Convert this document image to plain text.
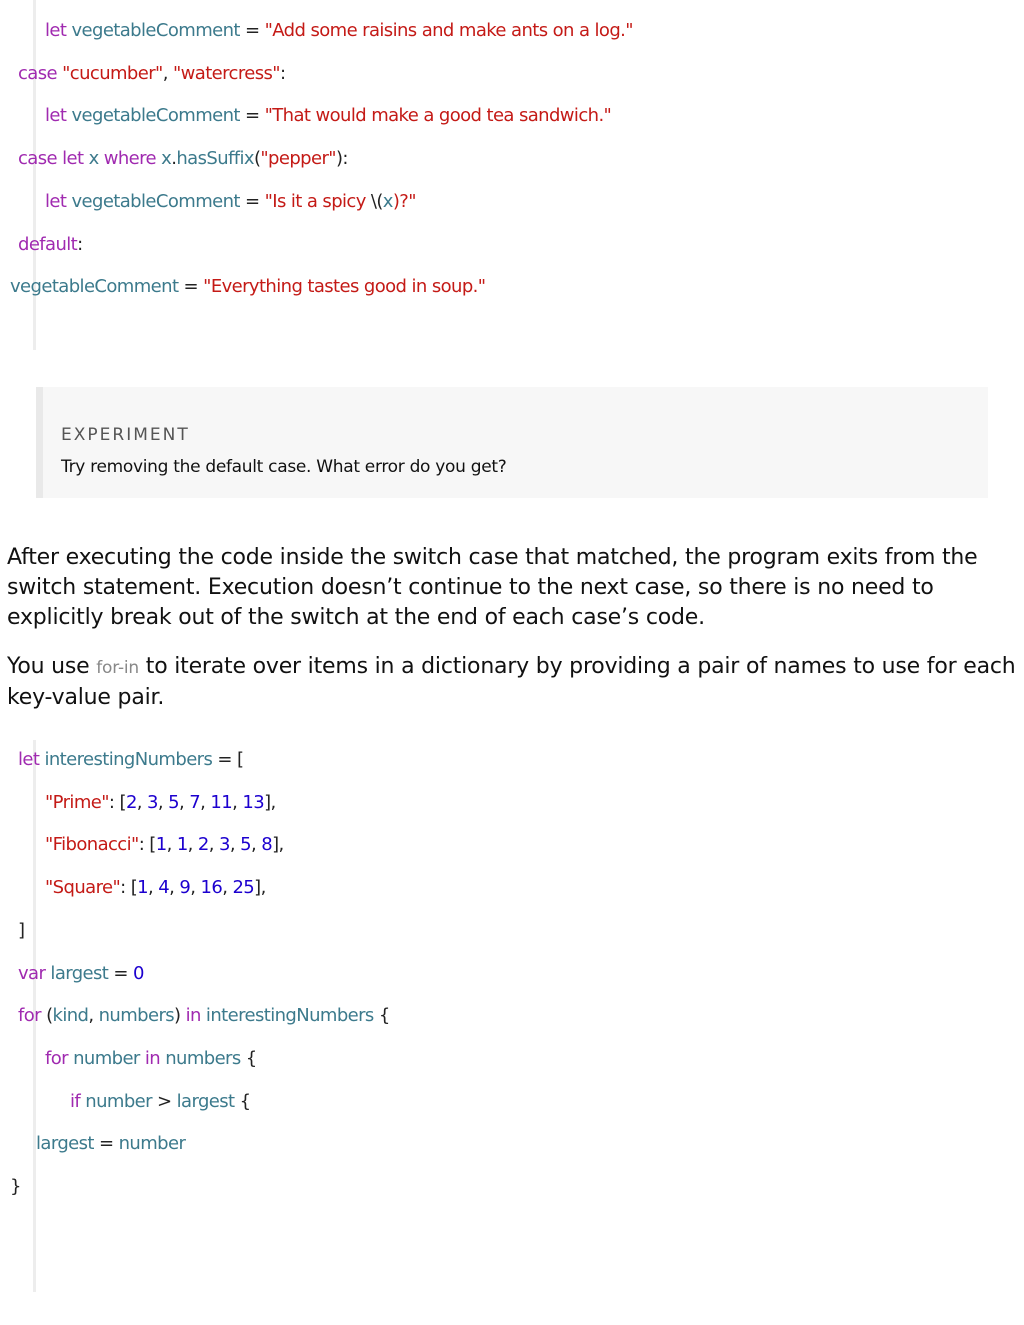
let vegetableComment = "Add some raisins and make ants on a log."
case "cucumber", "watercress":
let vegetableComment = "That would make a good tea sandwich."
case let x where x.hasSuffix("pepper"):
let vegetableComment = "Is it a spicy \(x)?"
default:
vegetableComment = "Everything tastes good in soup."
EXPERIMENT
Try removing the default case. What error do you get?

After executing the code inside the switch case that matched, the program exits from the switch statement. Execution doesn’t continue to the next case, so there is no need to explicitly break out of the switch at the end of each case’s code.

You use for-in to iterate over items in a dictionary by providing a pair of names to use for each key-value pair.

let interestingNumbers = [
"Prime": [2, 3, 5, 7, 11, 13],
"Fibonacci": [1, 1, 2, 3, 5, 8],
"Square": [1, 4, 9, 16, 25],
]
var largest = 0
for (kind, numbers) in interestingNumbers {
for number in numbers {
if number > largest {
largest = number
}
